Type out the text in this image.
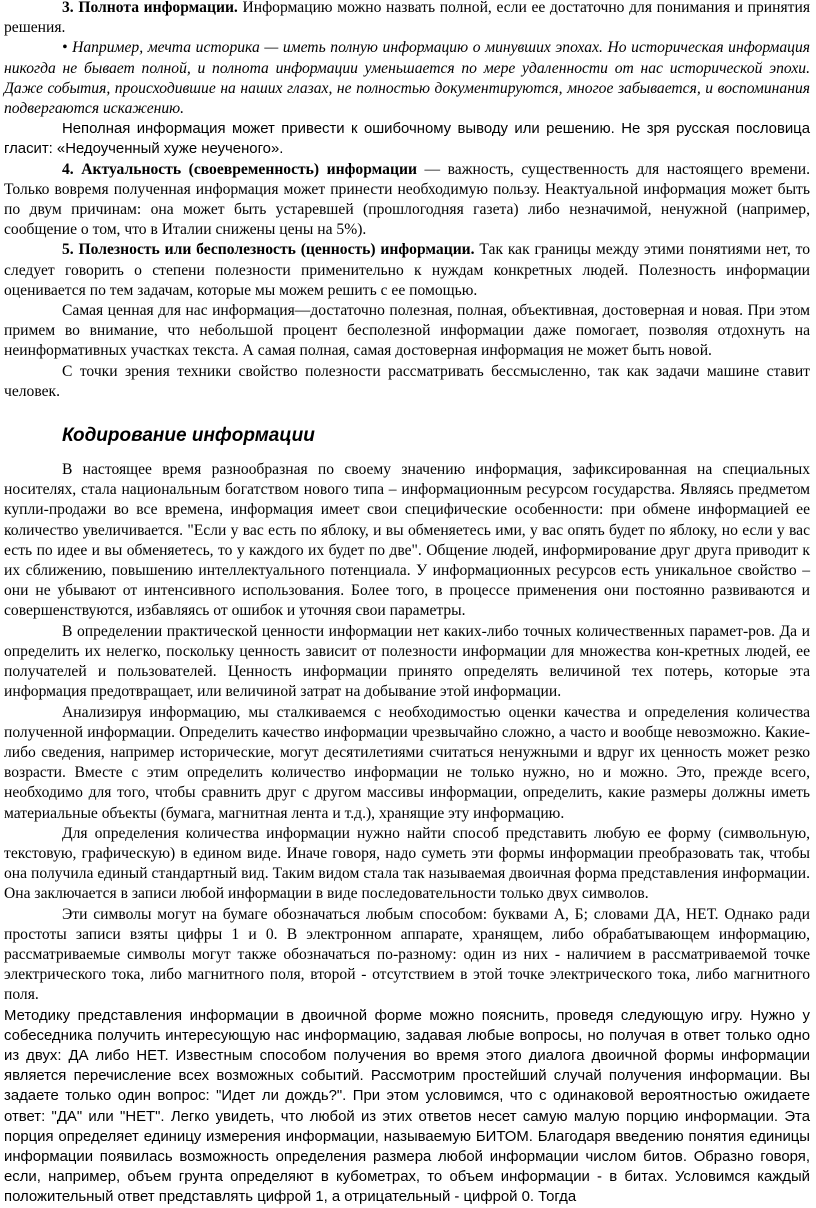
3. Полнота информации. Информацию можно назвать полной, если ее достаточно для понимания и принятия решения.

• Например, мечта историка — иметь полную информацию о минувших эпохах. Но историческая информация никогда не бывает полной, и полнота информации уменьшается по мере удаленности от нас исторической эпохи. Даже события, происходившие на наших глазах, не полностью документируются, многое забывается, и воспоминания подвергаются искажению.

Неполная информация может привести к ошибочному выводу или решению. Не зря русская пословица гласит: «Недоученный хуже неученого».

4. Актуальность (своевременность) информации — важность, существенность для настоящего времени. Только вовремя полученная информация может принести необходимую пользу. Неактуальной информация может быть по двум причинам: она может быть устаревшей (прошлогодняя газета) либо незначимой, ненужной (например, сообщение о том, что в Италии снижены цены на 5%).

5. Полезность или бесполезность (ценность) информации. Так как границы между этими понятиями нет, то следует говорить о степени полезности применительно к нуждам конкретных людей. Полезность информации оценивается по тем задачам, которые мы можем решить с ее помощью.

Самая ценная для нас информация—достаточно полезная, полная, объективная, достоверная и новая. При этом примем во внимание, что небольшой процент бесполезной информации даже помогает, позволяя отдохнуть на неинформативных участках текста. А самая полная, самая достоверная информация не может быть новой.

С точки зрения техники свойство полезности рассматривать бессмысленно, так как задачи машине ставит человек.

Кодирование информации

В настоящее время разнообразная по своему значению информация, зафиксированная на специальных носителях, стала национальным богатством нового типа – информационным ресурсом государства. Являясь предметом купли-продажи во все времена, информация имеет свои специфические особенности: при обмене информацией ее количество увеличивается. "Если у вас есть по яблоку, и вы обменяетесь ими, у вас опять будет по яблоку, но если у вас есть по идее и вы обменяетесь, то у каждого их будет по две". Общение людей, информирование друг друга приводит к их сближению, повышению интеллектуального потенциала. У информационных ресурсов есть уникальное свойство – они не убывают от интенсивного использования. Более того, в процессе применения они постоянно развиваются и совершенствуются, избавляясь от ошибок и уточняя свои параметры.

В определении практической ценности информации нет каких-либо точных количественных парамет-ров. Да и определить их нелегко, поскольку ценность зависит от полезности информации для множества кон-кретных людей, ее получателей и пользователей. Ценность информации принято определять величиной тех потерь, которые эта информация предотвращает, или величиной затрат на добывание этой информации.

Анализируя информацию, мы сталкиваемся с необходимостью оценки качества и определения количества полученной информации. Определить качество информации чрезвычайно сложно, а часто и вообще невозможно. Какие-либо сведения, например исторические, могут десятилетиями считаться ненужными и вдруг их ценность может резко возрасти. Вместе с этим определить количество информации не только нужно, но и можно. Это, прежде всего, необходимо для того, чтобы сравнить друг с другом массивы информации, определить, какие размеры должны иметь материальные объекты (бумага, магнитная лента и т.д.), хранящие эту информацию.

Для определения количества информации нужно найти способ представить любую ее форму (символьную, текстовую, графическую) в едином виде. Иначе говоря, надо суметь эти формы информации преобразовать так, чтобы она получила единый стандартный вид. Таким видом стала так называемая двоичная форма представления информации. Она заключается в записи любой информации в виде последовательности только двух символов.

Эти символы могут на бумаге обозначаться любым способом: буквами А, Б; словами ДА, НЕТ. Однако ради простоты записи взяты цифры 1 и 0. В электронном аппарате, хранящем, либо обрабатывающем информацию, рассматриваемые символы могут также обозначаться по-разному: один из них - наличием в рассматриваемой точке электрического тока, либо магнитного поля, второй - отсутствием в этой точке электрического тока, либо магнитного поля.

Методику представления информации в двоичной форме можно пояснить, проведя следующую игру. Нужно у собеседника получить интересующую нас информацию, задавая любые вопросы, но получая в ответ только одно из двух: ДА либо НЕТ. Известным способом получения во время этого диалога двоичной формы информации является перечисление всех возможных событий. Рассмотрим простейший случай получения информации. Вы задаете только один вопрос: "Идет ли дождь?". При этом условимся, что с одинаковой вероятностью ожидаете ответ: "ДА" или "НЕТ". Легко увидеть, что любой из этих ответов несет самую малую порцию информации. Эта порция определяет единицу измерения информации, называемую БИТОМ. Благодаря введению понятия единицы информации появилась возможность определения размера любой информации числом битов. Образно говоря, если, например, объем грунта определяют в кубометрах, то объем информации - в битах. Условимся каждый положительный ответ представлять цифрой 1, а отрицательный - цифрой 0. Тогда
